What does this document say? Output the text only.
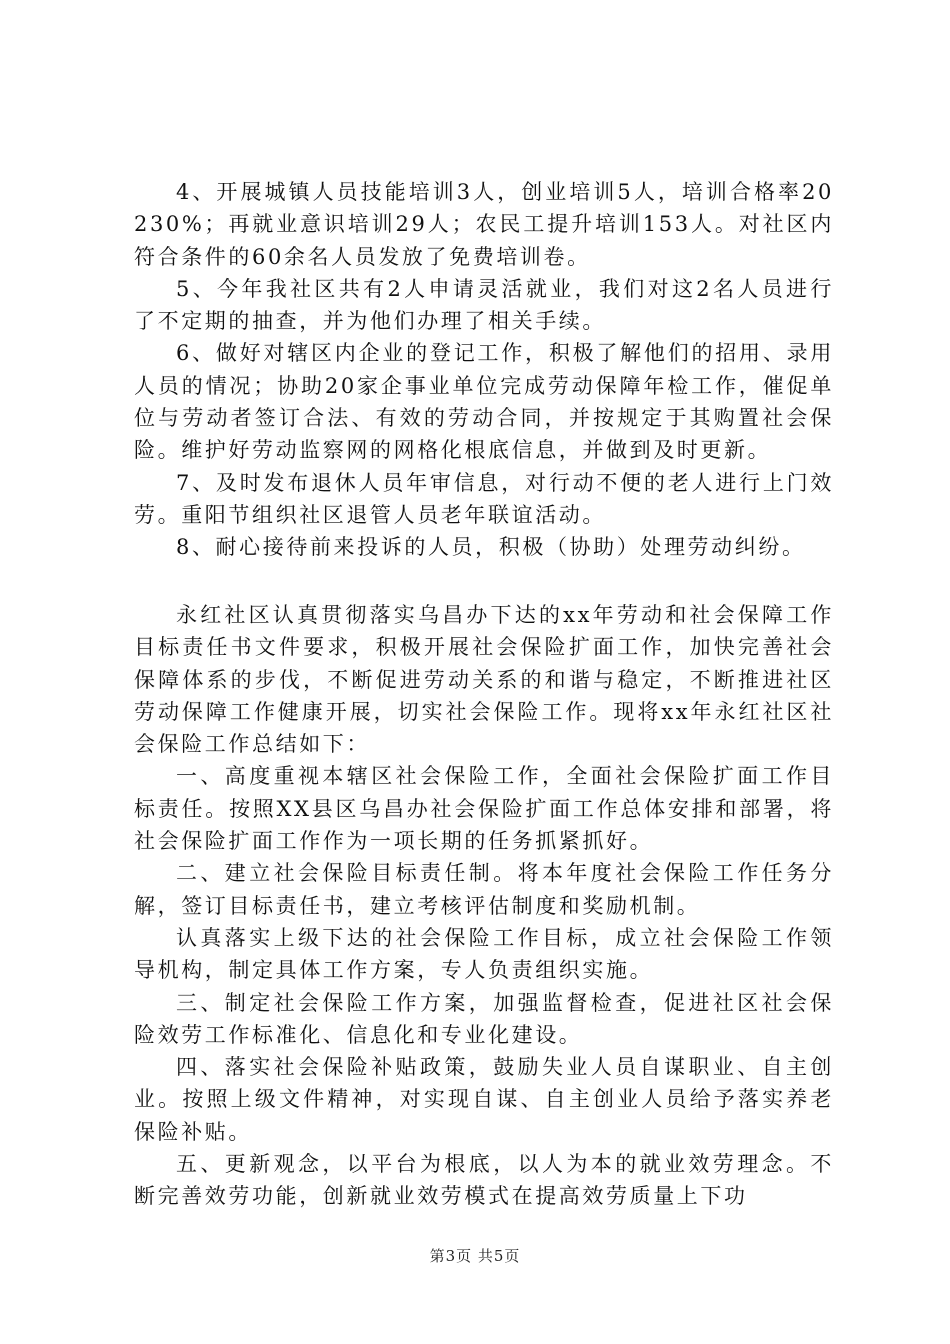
4、开展城镇人员技能培训3人，创业培训5人，培训合格率20230%；再就业意识培训29人；农民工提升培训153人。对社区内符合条件的60余名人员发放了免费培训卷。

5、今年我社区共有2人申请灵活就业，我们对这2名人员进行了不定期的抽查，并为他们办理了相关手续。

6、做好对辖区内企业的登记工作，积极了解他们的招用、录用人员的情况；协助20家企事业单位完成劳动保障年检工作，催促单位与劳动者签订合法、有效的劳动合同，并按规定于其购置社会保险。维护好劳动监察网的网格化根底信息，并做到及时更新。

7、及时发布退休人员年审信息，对行动不便的老人进行上门效劳。重阳节组织社区退管人员老年联谊活动。

8、耐心接待前来投诉的人员，积极（协助）处理劳动纠纷。

永红社区认真贯彻落实乌昌办下达的xx年劳动和社会保障工作目标责任书文件要求，积极开展社会保险扩面工作，加快完善社会保障体系的步伐，不断促进劳动关系的和谐与稳定，不断推进社区劳动保障工作健康开展，切实社会保险工作。现将xx年永红社区社会保险工作总结如下：

一、高度重视本辖区社会保险工作，全面社会保险扩面工作目标责任。按照XX县区乌昌办社会保险扩面工作总体安排和部署，将社会保险扩面工作作为一项长期的任务抓紧抓好。

二、建立社会保险目标责任制。将本年度社会保险工作任务分解，签订目标责任书，建立考核评估制度和奖励机制。

认真落实上级下达的社会保险工作目标，成立社会保险工作领导机构，制定具体工作方案，专人负责组织实施。

三、制定社会保险工作方案，加强监督检查，促进社区社会保险效劳工作标准化、信息化和专业化建设。

四、落实社会保险补贴政策，鼓励失业人员自谋职业、自主创业。按照上级文件精神，对实现自谋、自主创业人员给予落实养老保险补贴。

五、更新观念，以平台为根底，以人为本的就业效劳理念。不断完善效劳功能，创新就业效劳模式在提高效劳质量上下功

第3页 共5页
